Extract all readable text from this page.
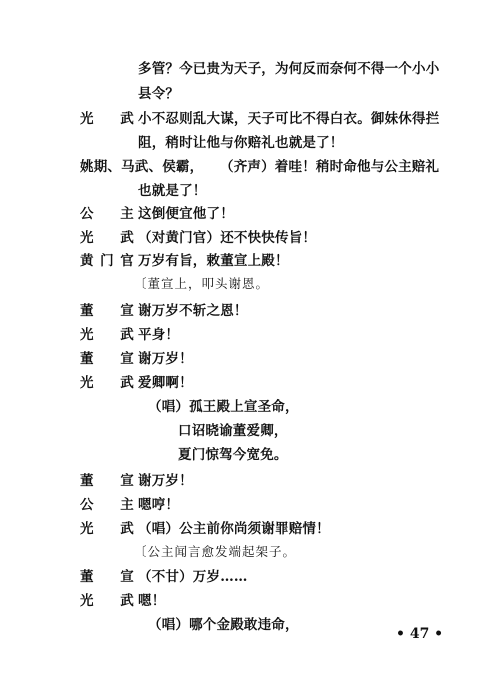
多管？今已贵为天子，为何反而奈何不得一个小小
县令？
光 武 小不忍则乱大谋，天子可比不得白衣。御妹休得拦
阻，稍时让他与你赔礼也就是了！
姚期、马武、侯霸， （齐声）着哇！稍时命他与公主赔礼
也就是了！
公 主 这倒便宜他了！
光 武 （对黄门官）还不快快传旨！
黄门官 万岁有旨，敕董宣上殿！
〔董宣上，叩头谢恩。
董 宣 谢万岁不斩之恩！
光 武 平身！
董 宣 谢万岁！
光 武 爱卿啊！
（唱）孤王殿上宣圣命，
口诏晓谕董爱卿，
夏门惊驾今宽免。
董 宣 谢万岁！
公 主 嗯哼！
光 武 （唱）公主前你尚须谢罪赔情！
〔公主闻言愈发端起架子。
董 宣 （不甘）万岁……
光 武 嗯！
（唱）哪个金殿敢违命，
• 47 •
